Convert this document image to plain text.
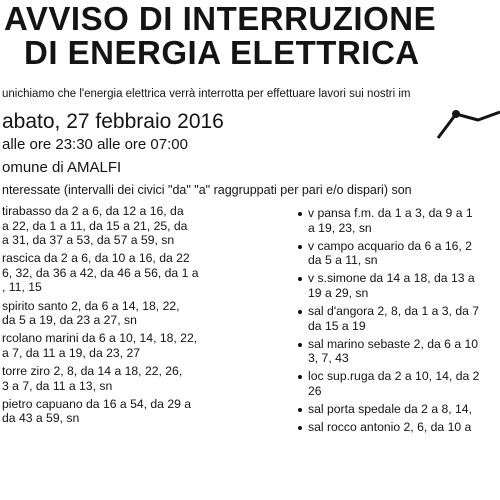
AVVISO DI INTERRUZIONE
DI ENERGIA ELETTRICA
unichiamo che l'energia elettrica verrà interrotta per effettuare lavori sui nostri im
abato, 27 febbraio 2016
alle ore 23:30 alle ore 07:00
omune di AMALFI
nteressate (intervalli dei civici "da" "a" raggruppati per pari e/o dispari) son
tirabasso da 2 a 6, da 12 a 16, da
a 22, da 1 a 11, da 15 a 21, 25, da
a 31, da 37 a 53, da 57 a 59, sn
rascica da 2 a 6, da 10 a 16, da 22
6, 32, da 36 a 42, da 46 a 56, da 1 a
, 11, 15
spirito santo 2, da 6 a 14, 18, 22,
da 5 a 19, da 23 a 27, sn
rcolano marini da 6 a 10, 14, 18, 22,
a 7, da 11 a 19, da 23, 27
torre ziro 2, 8, da 14 a 18, 22, 26,
3 a 7, da 11 a 13, sn
pietro capuano da 16 a 54, da 29 a
da 43 a 59, sn
v pansa f.m. da 1 a 3, da 9 a 1
a 19, 23, sn
v campo acquario da 6 a 16, 2
da 5 a 11, sn
v s.simone da 14 a 18, da 13 a
19 a 29, sn
sal d'angora 2, 8, da 1 a 3, da 7
da 15 a 19
sal marino sebaste 2, da 6 a 10
3, 7, 43
loc sup.ruga da 2 a 10, 14, da 2
26
sal porta spedale da 2 a 8, 14,
sal rocco antonio 2, 6, da 10 a
